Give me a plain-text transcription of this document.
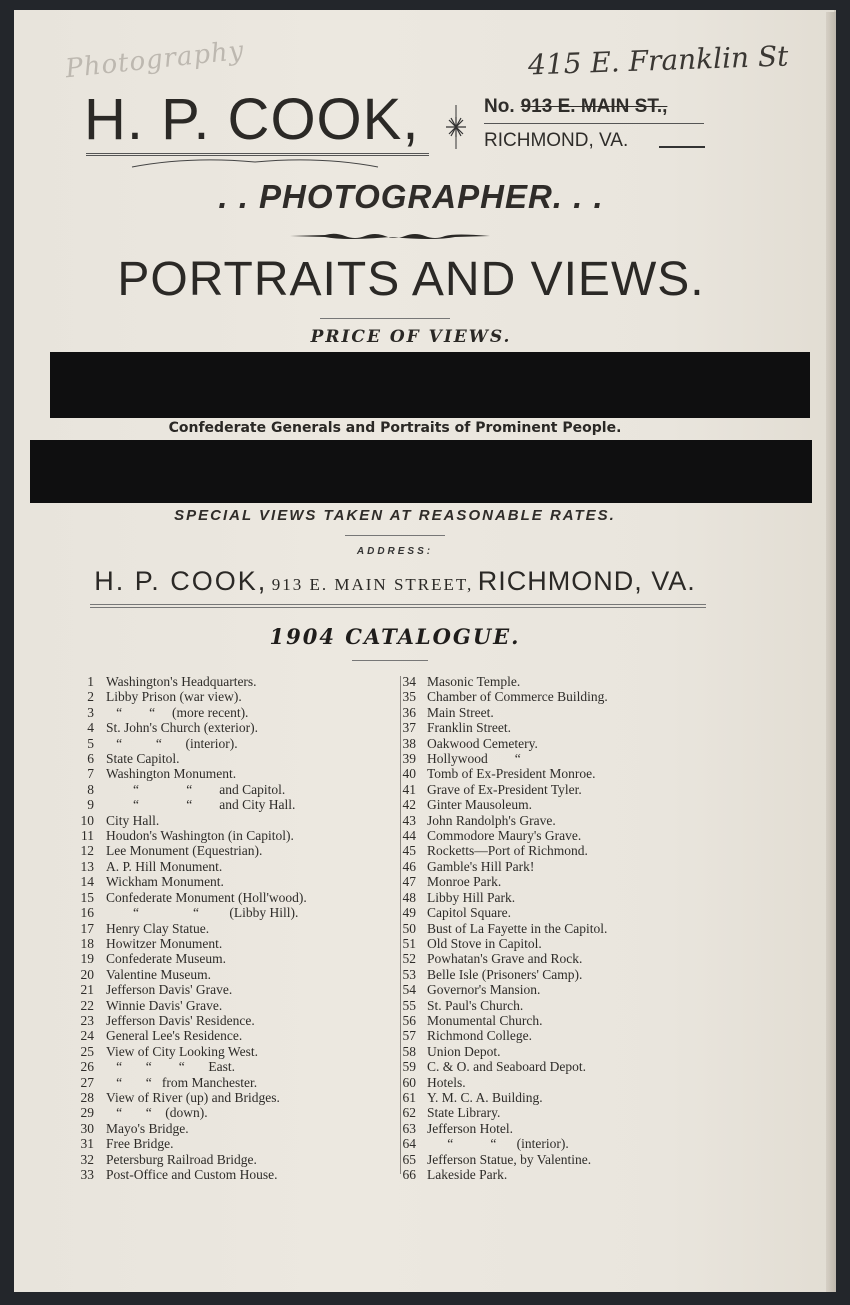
Photography	415 E. Franklin St
H. P. COOK,	No. 913 E. MAIN ST.,
RICHMOND, VA.
. . PHOTOGRAPHER. . .
PORTRAITS AND VIEWS.
PRICE OF VIEWS.
Confederate Generals and Portraits of Prominent People.
SPECIAL VIEWS TAKEN AT REASONABLE RATES.
ADDRESS:
H. P. COOK, 913 E. MAIN STREET, RICHMOND, VA.
1904 CATALOGUE.
1 Washington's Headquarters.
2 Libby Prison (war view).
3 “        “     (more recent).
4 St. John's Church (exterior).
5 “          “       (interior).
6 State Capitol.
7 Washington Monument.
8 “              “        and Capitol.
9 “              “        and City Hall.
10 City Hall.
11 Houdon's Washington (in Capitol).
12 Lee Monument (Equestrian).
13 A. P. Hill Monument.
14 Wickham Monument.
15 Confederate Monument (Holl'wood).
16 “                “         (Libby Hill).
17 Henry Clay Statue.
18 Howitzer Monument.
19 Confederate Museum.
20 Valentine Museum.
21 Jefferson Davis' Grave.
22 Winnie Davis' Grave.
23 Jefferson Davis' Residence.
24 General Lee's Residence.
25 View of City Looking West.
26 “       “        “       East.
27 “       “   from Manchester.
28 View of River (up) and Bridges.
29 “       “    (down).
30 Mayo's Bridge.
31 Free Bridge.
32 Petersburg Railroad Bridge.
33 Post-Office and Custom House.
34 Masonic Temple.
35 Chamber of Commerce Building.
36 Main Street.
37 Franklin Street.
38 Oakwood Cemetery.
39 Hollywood        “
40 Tomb of Ex-President Monroe.
41 Grave of Ex-President Tyler.
42 Ginter Mausoleum.
43 John Randolph's Grave.
44 Commodore Maury's Grave.
45 Rocketts—Port of Richmond.
46 Gamble's Hill Park!
47 Monroe Park.
48 Libby Hill Park.
49 Capitol Square.
50 Bust of La Fayette in the Capitol.
51 Old Stove in Capitol.
52 Powhatan's Grave and Rock.
53 Belle Isle (Prisoners' Camp).
54 Governor's Mansion.
55 St. Paul's Church.
56 Monumental Church.
57 Richmond College.
58 Union Depot.
59 C. & O. and Seaboard Depot.
60 Hotels.
61 Y. M. C. A. Building.
62 State Library.
63 Jefferson Hotel.
64 “           “      (interior).
65 Jefferson Statue, by Valentine.
66 Lakeside Park.
